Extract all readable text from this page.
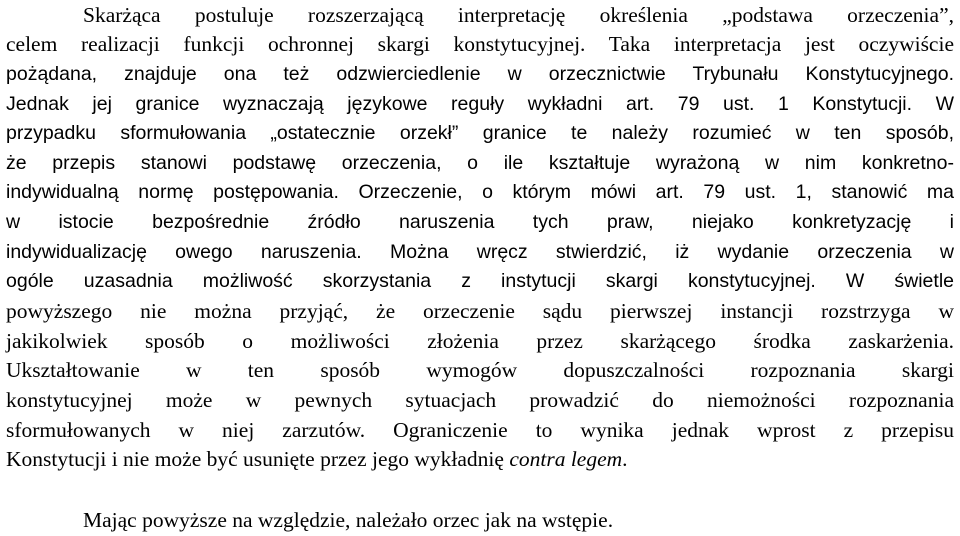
Skarżąca postuluje rozszerzającą interpretację określenia „podstawa orzeczenia”,
celem realizacji funkcji ochronnej skargi konstytucyjnej. Taka interpretacja jest oczywiście
pożądana, znajduje ona też odzwierciedlenie w orzecznictwie Trybunału Konstytucyjnego.
Jednak jej granice wyznaczają językowe reguły wykładni art. 79 ust. 1 Konstytucji. W
przypadku sformułowania „ostatecznie orzekł” granice te należy rozumieć w ten sposób,
że przepis stanowi podstawę orzeczenia, o ile kształtuje wyrażoną w nim konkretno-
indywidualną normę postępowania. Orzeczenie, o którym mówi art. 79 ust. 1, stanowić ma
w istocie bezpośrednie źródło naruszenia tych praw, niejako konkretyzację i
indywidualizację owego naruszenia. Można wręcz stwierdzić, iż wydanie orzeczenia w
ogóle uzasadnia możliwość skorzystania z instytucji skargi konstytucyjnej. W świetle
powyższego nie można przyjąć, że orzeczenie sądu pierwszej instancji rozstrzyga w
jakikolwiek sposób o możliwości złożenia przez skarżącego środka zaskarżenia.
Ukształtowanie w ten sposób wymogów dopuszczalności rozpoznania skargi
konstytucyjnej może w pewnych sytuacjach prowadzić do niemożności rozpoznania
sformułowanych w niej zarzutów. Ograniczenie to wynika jednak wprost z przepisu
Konstytucji i nie może być usunięte przez jego wykładnię contra legem.
Mając powyższe na względzie, należało orzec jak na wstępie.
